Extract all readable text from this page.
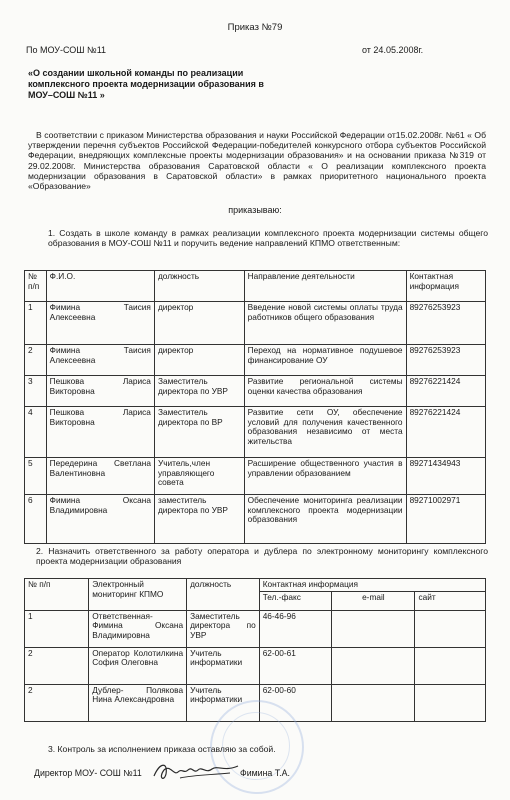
Приказ №79
По МОУ-СОШ №11	от 24.05.2008г.
«О создании школьной команды по реализации комплексного проекта модернизации образования в МОУ–СОШ №11 »
В соответствии с приказом Министерства образования и науки Российской Федерации от15.02.2008г. №61 « Об утверждении перечня субъектов Российской Федерации-победителей конкурсного отбора субъектов Российской Федерации, внедряющих комплексные проекты модернизации образования» и на основании приказа №319 от 29.02.2008г. Министерства образования Саратовской области « О реализации комплексного проекта модернизации образования в Саратовской области» в рамках приоритетного национального проекта «Образование»
приказываю:
1. Создать в школе команду в рамках реализации комплексного проекта модернизации системы общего образования в МОУ-СОШ №11 и поручить ведение направлений КПМО ответственным:
№ п/п	Ф.И.О.	должность	Направление деятельности	Контактная информация
1	Фимина Таисия Алексеевна	директор	Введение новой системы оплаты труда работников общего образования	89276253923
2	Фимина Таисия Алексеевна	директор	Переход на нормативное подушевое финансирование ОУ	89276253923
3	Пешкова Лариса Викторовна	Заместитель директора по УВР	Развитие региональной системы оценки качества образования	89276221424
4	Пешкова Лариса Викторовна	Заместитель директора по ВР	Развитие сети ОУ, обеспечение условий для получения качественного образования независимо от места жительства	89276221424
5	Передерина Светлана Валентиновна	Учитель,член управляющего совета	Расширение общественного участия в управлении образованием	89271434943
6	Фимина Оксана Владимировна	заместитель директора по УВР	Обеспечение мониторинга реализации комплексного проекта модернизации образования	89271002971
2. Назначить ответственного за работу оператора и дублера по электронному мониторингу комплексного проекта модернизации образования
№ п/п	Электронный мониторинг КПМО	должность	Контактная информация		
			Тел.-факс	e-mail	сайт
1	Ответственная- Фимина Оксана Владимировна	Заместитель директора по УВР	46-46-96		
2	Оператор Колотилкина София Олеговна	Учитель информатики	62-00-61		
2	Дублер- Полякова Нина Александровна	Учитель информатики	62-00-60		
3. Контроль за исполнением приказа оставляю за собой.
Директор МОУ- СОШ №11	Фимина Т.А.
